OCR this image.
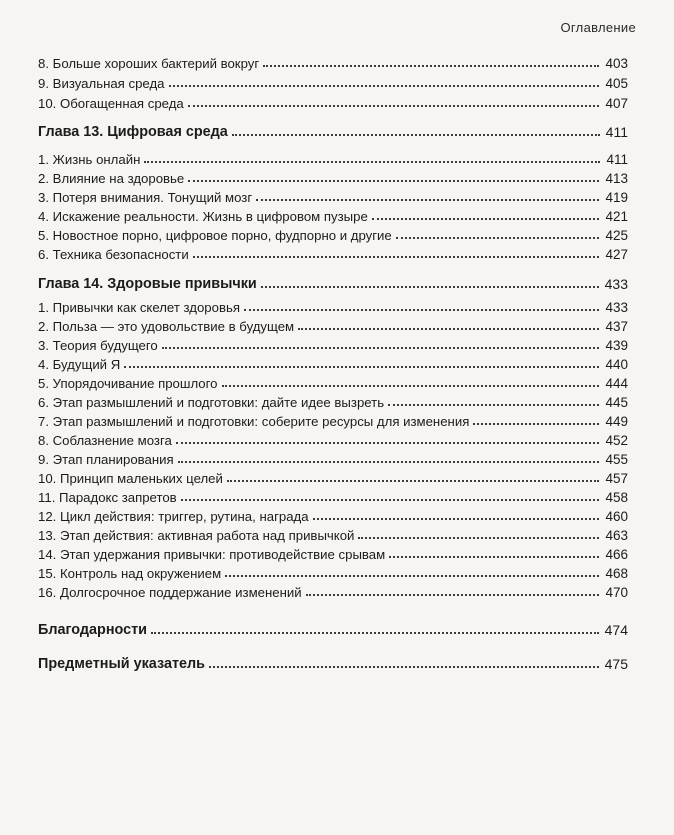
Оглавление
8. Больше хороших бактерий вокруг	403
9. Визуальная среда	405
10. Обогащенная среда	407
Глава 13. Цифровая среда	411
1. Жизнь онлайн	411
2. Влияние на здоровье	413
3. Потеря внимания. Тонущий мозг	419
4. Искажение реальности. Жизнь в цифровом пузыре	421
5. Новостное порно, цифровое порно, фудпорно и другие	425
6. Техника безопасности	427
Глава 14. Здоровые привычки	433
1. Привычки как скелет здоровья	433
2. Польза — это удовольствие в будущем	437
3. Теория будущего	439
4. Будущий Я	440
5. Упорядочивание прошлого	444
6. Этап размышлений и подготовки: дайте идее вызреть	445
7. Этап размышлений и подготовки: соберите ресурсы для изменения	449
8. Соблазнение мозга	452
9. Этап планирования	455
10. Принцип маленьких целей	457
11. Парадокс запретов	458
12. Цикл действия: триггер, рутина, награда	460
13. Этап действия: активная работа над привычкой	463
14. Этап удержания привычки: противодействие срывам	466
15. Контроль над окружением	468
16. Долгосрочное поддержание изменений	470
Благодарности	474
Предметный указатель	475
